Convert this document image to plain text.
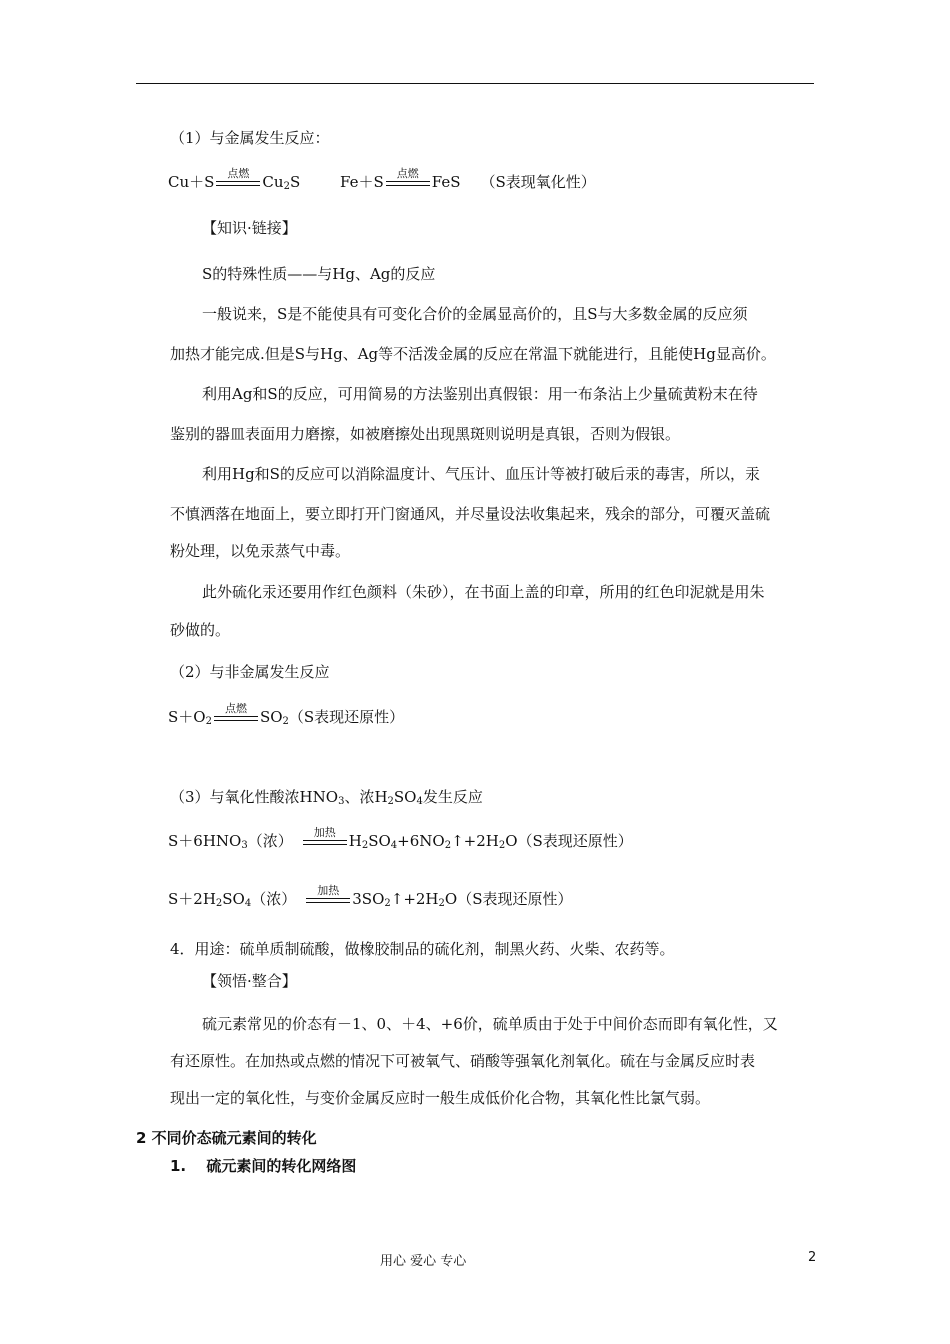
（1）与金属发生反应：
Cu＋S	点燃 $Cu_2S$	Fe＋S	点燃 FeS （S表现氧化性）
【知识·链接】
S的特殊性质——与Hg、Ag的反应
一般说来，S是不能使具有可变化合价的金属显高价的，且S与大多数金属的反应须
加热才能完成.但是S与Hg、Ag等不活泼金属的反应在常温下就能进行，且能使Hg显高价。
利用Ag和S的反应，可用简易的方法鉴别出真假银：用一布条沾上少量硫黄粉末在待
鉴别的器皿表面用力磨擦，如被磨擦处出现黑斑则说明是真银，否则为假银。
利用Hg和S的反应可以消除温度计、气压计、血压计等被打破后汞的毒害，所以，汞
不慎洒落在地面上，要立即打开门窗通风，并尽量设法收集起来，残余的部分，可覆灭盖硫
粉处理，以免汞蒸气中毒。
此外硫化汞还要用作红色颜料（朱砂），在书面上盖的印章，所用的红色印泥就是用朱
砂做的。
（2）与非金属发生反应
$S+O_2$
点燃 $SO_2(S$表现还原性）
（3）与氧化性酸浓$HNO_3$、浓$H_2SO_4$发生反应
$S+6HNO_3$（浓）	加热 $H_2SO_4+6NO_2↑+2H_2O(S$表现还原性）
$S+2H_2SO_4$（浓）	加热 $3SO_2↑+2H_2O(S$表现还原性）
4．用途：硫单质制硫酸，做橡胶制品的硫化剂，制黑火药、火柴、农药等。
【领悟·整合】
硫元素常见的价态有－1、0、＋4、+6价，硫单质由于处于中间价态而即有氧化性，又
有还原性。在加热或点燃的情况下可被氧气、硝酸等强氧化剂氧化。硫在与金属反应时表
现出一定的氧化性，与变价金属反应时一般生成低价化合物，其氧化性比氯气弱。
2 不同价态硫元素间的转化
1.　 硫元素间的转化网络图
用心 爱心 专心	2
